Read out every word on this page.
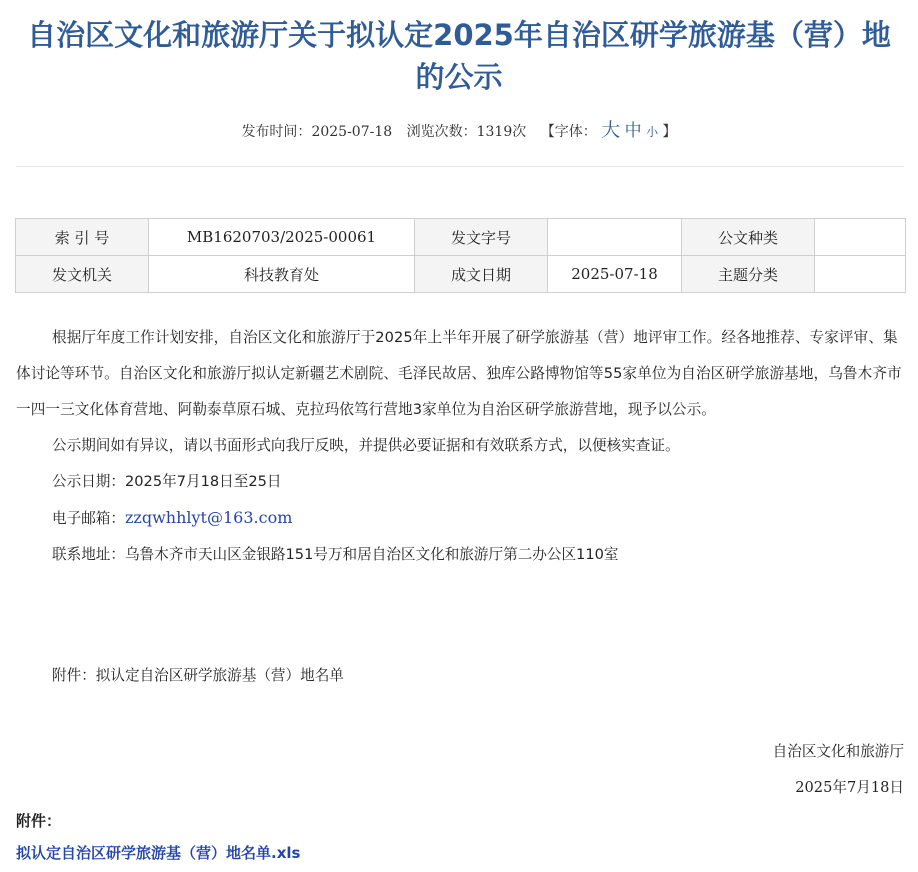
自治区文化和旅游厅关于拟认定2025年自治区研学旅游基（营）地的公示
发布时间：2025-07-18 浏览次数：1319次 【字体： 大 中 小 】
索 引 号	MB1620703/2025-00061	发文字号		公文种类	
发文机关	科技教育处	成文日期	2025-07-18	主题分类	

根据厅年度工作计划安排，自治区文化和旅游厅于2025年上半年开展了研学旅游基（营）地评审工作。经各地推荐、专家评审、集体讨论等环节。自治区文化和旅游厅拟认定新疆艺术剧院、毛泽民故居、独库公路博物馆等55家单位为自治区研学旅游基地，乌鲁木齐市一四一三文化体育营地、阿勒泰草原石城、克拉玛依笃行营地3家单位为自治区研学旅游营地，现予以公示。

公示期间如有异议，请以书面形式向我厅反映，并提供必要证据和有效联系方式，以便核实查证。

公示日期：2025年7月18日至25日

电子邮箱：zzqwhhlyt@163.com

联系地址：乌鲁木齐市天山区金银路151号万和居自治区文化和旅游厅第二办公区110室

附件：拟认定自治区研学旅游基（营）地名单
自治区文化和旅游厅
2025年7月18日
附件：
拟认定自治区研学旅游基（营）地名单.xls
